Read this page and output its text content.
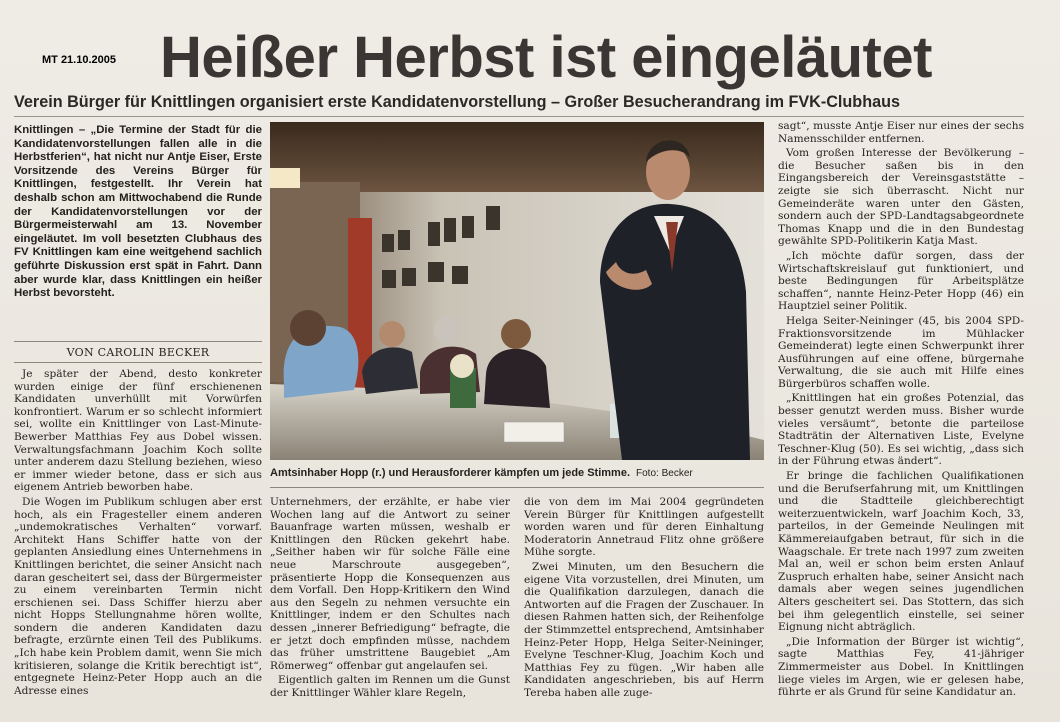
MT 21.10.2005 Heißer Herbst ist eingeläutet
Verein Bürger für Knittlingen organisiert erste Kandidatenvorstellung – Großer Besucherandrang im FVK-Clubhaus
Knittlingen – „Die Termine der Stadt für die Kandidatenvorstellungen fallen alle in die Herbstferien“, hat nicht nur Antje Eiser, Erste Vorsitzende des Vereins Bürger für Knittlingen, festgestellt. Ihr Verein hat deshalb schon am Mittwochabend die Runde der Kandidatenvorstellungen vor der Bürgermeisterwahl am 13. November eingeläutet. Im voll besetzten Clubhaus des FV Knittlingen kam eine weitgehend sachlich geführte Diskussion erst spät in Fahrt. Dann aber wurde klar, dass Knittlingen ein heißer Herbst bevorsteht.
VON CAROLIN BECKER

Je später der Abend, desto konkreter wurden einige der fünf erschienenen Kandidaten unverhüllt mit Vorwürfen konfrontiert. Warum er so schlecht informiert sei, wollte ein Knittlinger von Last-Minute-Bewerber Matthias Fey aus Dobel wissen. Verwaltungsfachmann Joachim Koch sollte unter anderem dazu Stellung beziehen, wieso er immer wieder betone, dass er sich aus eigenem Antrieb beworben habe.

Die Wogen im Publikum schlugen aber erst hoch, als ein Fragesteller einem anderen „undemokratisches Verhalten“ vorwarf. Architekt Hans Schiffer hatte von der geplanten Ansiedlung eines Unternehmens in Knittlingen berichtet, die seiner Ansicht nach daran gescheitert sei, dass der Bürgermeister zu einem vereinbarten Termin nicht erschienen sei. Dass Schiffer hierzu aber nicht Hopps Stellungnahme hören wollte, sondern die anderen Kandidaten dazu befragte, erzürnte einen Teil des Publikums. „Ich habe kein Problem damit, wenn Sie mich kritisieren, solange die Kritik berechtigt ist“, entgegnete Heinz-Peter Hopp auch an die Adresse eines

Amtsinhaber Hopp (r.) und Herausforderer kämpfen um jede Stimme. Foto: Becker

Unternehmers, der erzählte, er habe vier Wochen lang auf die Antwort zu seiner Bauanfrage warten müssen, weshalb er Knittlingen den Rücken gekehrt habe. „Seither haben wir für solche Fälle eine neue Marschroute ausgegeben“, präsentierte Hopp die Konsequenzen aus dem Vorfall. Den Hopp-Kritikern den Wind aus den Segeln zu nehmen versuchte ein Knittlinger, indem er den Schultes nach dessen „innerer Befriedigung“ befragte, die er jetzt doch empfinden müsse, nachdem das früher umstrittene Baugebiet „Am Römerweg“ offenbar gut angelaufen sei.

Eigentlich galten im Rennen um die Gunst der Knittlinger Wähler klare Regeln,

die von dem im Mai 2004 gegründeten Verein Bürger für Knittlingen aufgestellt worden waren und für deren Einhaltung Moderatorin Annetraud Flitz ohne größere Mühe sorgte.

Zwei Minuten, um den Besuchern die eigene Vita vorzustellen, drei Minuten, um die Qualifikation darzulegen, danach die Antworten auf die Fragen der Zuschauer. In diesen Rahmen hatten sich, der Reihenfolge der Stimmzettel entsprechend, Amtsinhaber Heinz-Peter Hopp, Helga Seiter-Neininger, Evelyne Teschner-Klug, Joachim Koch und Matthias Fey zu fügen. „Wir haben alle Kandidaten angeschrieben, bis auf Herrn Tereba haben alle zuge-

sagt“, musste Antje Eiser nur eines der sechs Namensschilder entfernen.

Vom großen Interesse der Bevölkerung – die Besucher saßen bis in den Eingangsbereich der Vereinsgaststätte – zeigte sie sich überrascht. Nicht nur Gemeinderäte waren unter den Gästen, sondern auch der SPD-Landtagsabgeordnete Thomas Knapp und die in den Bundestag gewählte SPD-Politikerin Katja Mast.

„Ich möchte dafür sorgen, dass der Wirtschaftskreislauf gut funktioniert, und beste Bedingungen für Arbeitsplätze schaffen“, nannte Heinz-Peter Hopp (46) ein Hauptziel seiner Politik.

Helga Seiter-Neininger (45, bis 2004 SPD-Fraktionsvorsitzende im Mühlacker Gemeinderat) legte einen Schwerpunkt ihrer Ausführungen auf eine offene, bürgernahe Verwaltung, die sie auch mit Hilfe eines Bürgerbüros schaffen wolle.

„Knittlingen hat ein großes Potenzial, das besser genutzt werden muss. Bisher wurde vieles versäumt“, betonte die parteilose Stadträtin der Alternativen Liste, Evelyne Teschner-Klug (50). Es sei wichtig, „dass sich in der Führung etwas ändert“.

Er bringe die fachlichen Qualifikationen und die Berufserfahrung mit, um Knittlingen und die Stadtteile gleichberechtigt weiterzuentwickeln, warf Joachim Koch, 33, parteilos, in der Gemeinde Neulingen mit Kämmereiaufgaben betraut, für sich in die Waagschale. Er trete nach 1997 zum zweiten Mal an, weil er schon beim ersten Anlauf Zuspruch erhalten habe, seiner Ansicht nach damals aber wegen seines jugendlichen Alters gescheitert sei. Das Stottern, das sich bei ihm gelegentlich einstelle, sei seiner Eignung nicht abträglich.

„Die Information der Bürger ist wichtig“, sagte Matthias Fey, 41-jähriger Zimmermeister aus Dobel. In Knittlingen liege vieles im Argen, wie er gelesen habe, führte er als Grund für seine Kandidatur an.
